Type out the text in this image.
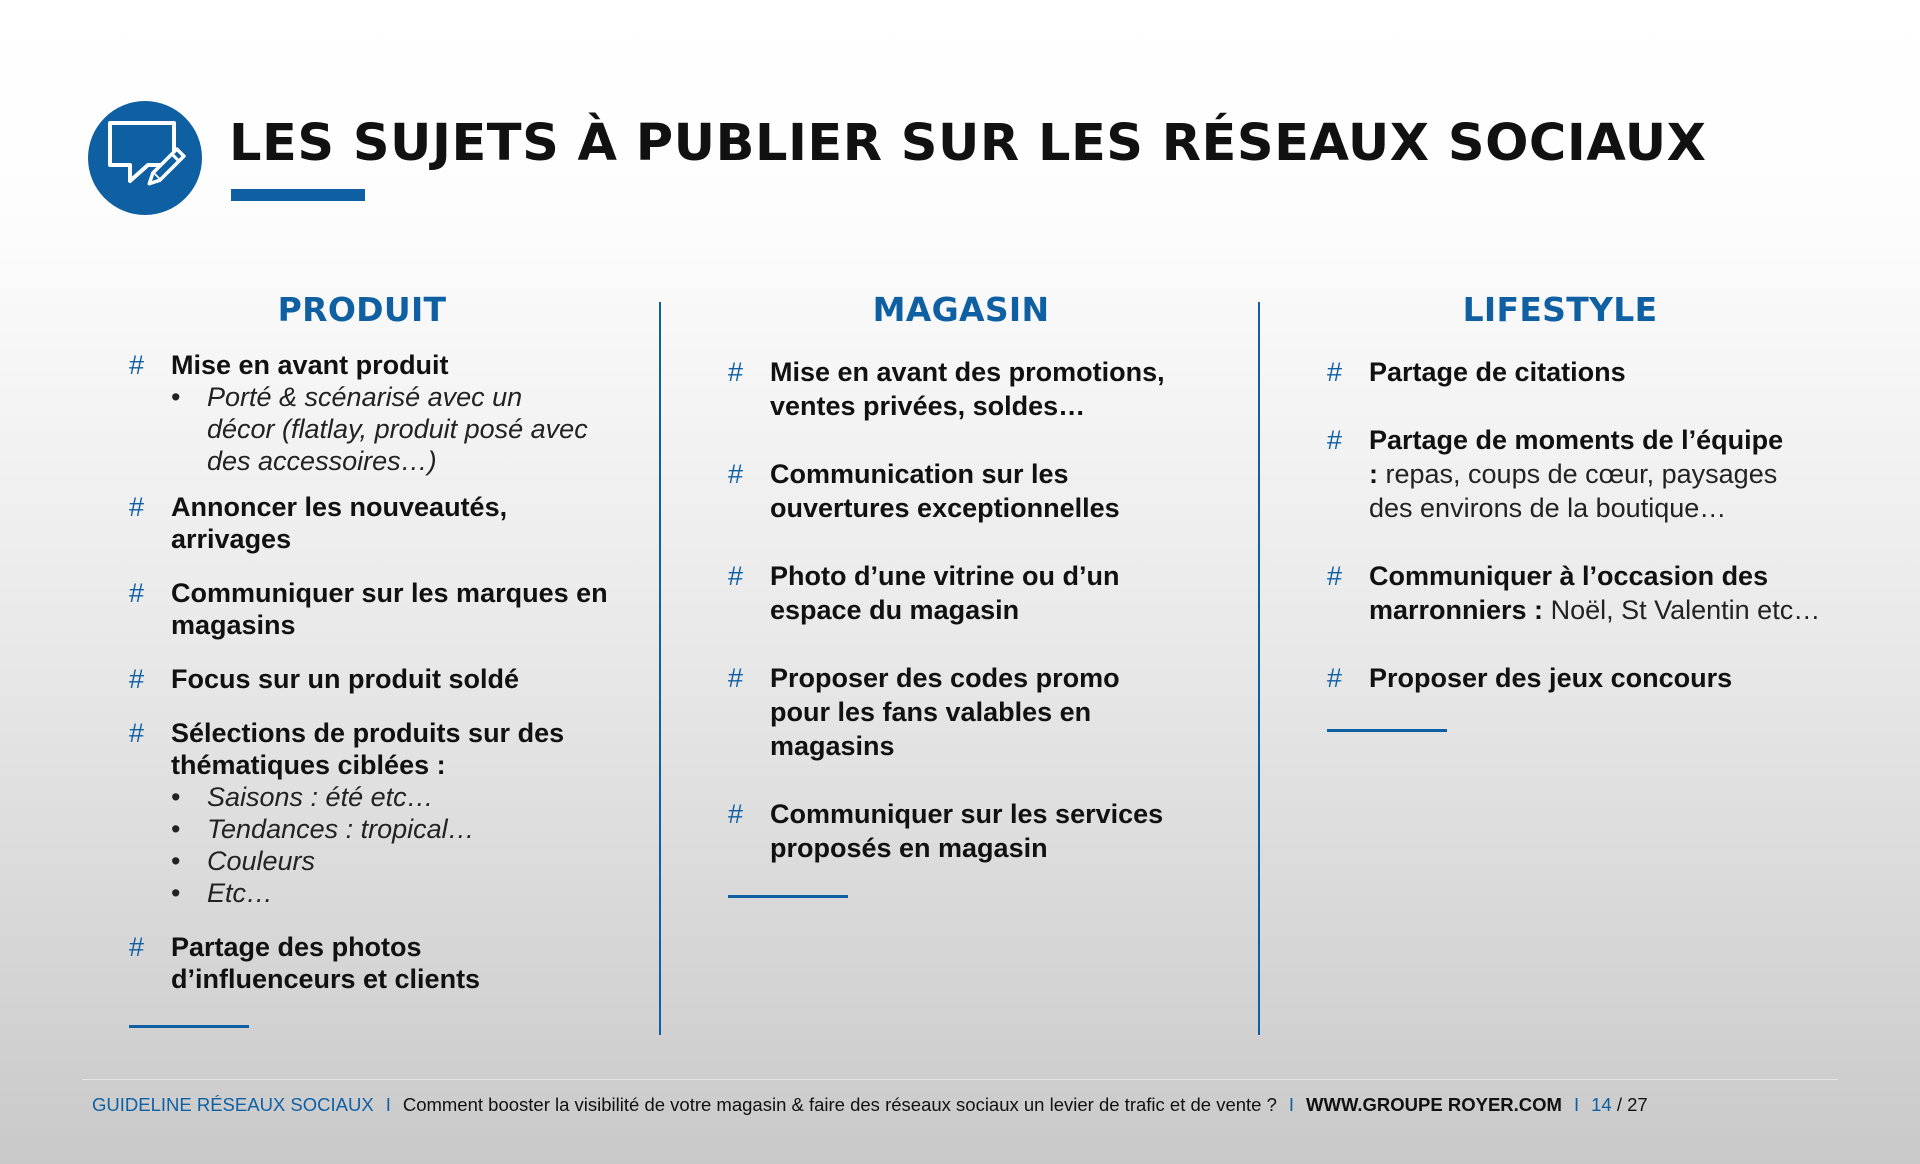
LES SUJETS À PUBLIER SUR LES RÉSEAUX SOCIAUX
PRODUIT
# Mise en avant produit
• Porté & scénarisé avec un décor (flatlay, produit posé avec des accessoires…)
# Annoncer les nouveautés, arrivages
# Communiquer sur les marques en magasins
# Focus sur un produit soldé
# Sélections de produits sur des thématiques ciblées :
• Saisons : été etc…
• Tendances : tropical…
• Couleurs
• Etc…
# Partage des photos d’influenceurs et clients
MAGASIN
# Mise en avant des promotions, ventes privées, soldes…
# Communication sur les ouvertures exceptionnelles
# Photo d’une vitrine ou d’un espace du magasin
# Proposer des codes promo pour les fans valables en magasins
# Communiquer sur les services proposés en magasin
LIFESTYLE
# Partage de citations
# Partage de moments de l’équipe : repas, coups de cœur, paysages des environs de la boutique…
# Communiquer à l’occasion des marronniers : Noël, St Valentin etc…
# Proposer des jeux concours
GUIDELINE RÉSEAUX SOCIAUX I Comment booster la visibilité de votre magasin & faire des réseaux sociaux un levier de trafic et de vente ? I WWW.GROUPE ROYER.COM I 14 / 27
